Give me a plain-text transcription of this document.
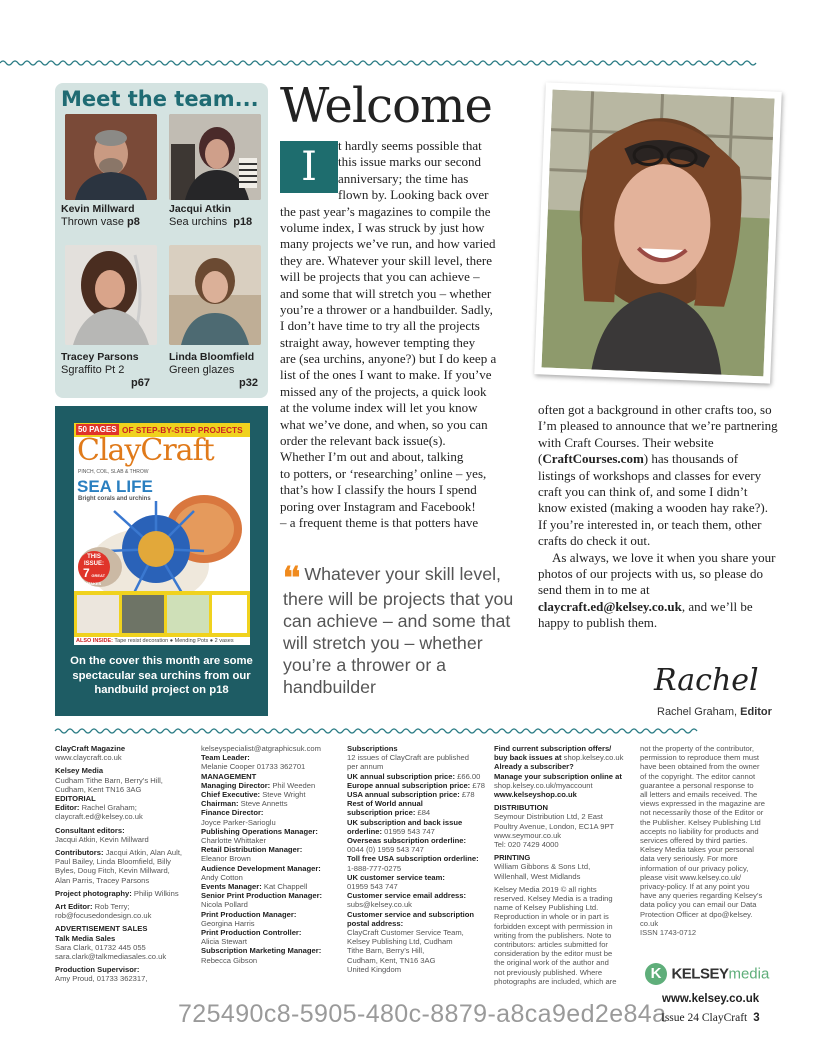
Meet the team...
Kevin Millward
Thrown vase p8
Jacqui Atkin
Sea urchins p18
Tracey Parsons
Sgraffito Pt 2
p67
Linda Bloomfield
Green glazes
p32
50 PAGES OF STEP-BY-STEP PROJECTS
ClayCraft
PINCH, COIL, SLAB & THROW
SEA LIFE
Bright corals and urchins
THIS ISSUE:
7 GREAT MAKES
ALSO INSIDE: Tape resist decoration ● Mending Pots ● 2 vases
On the cover this month are some spectacular sea urchins from our handbuild project on p18
Welcome
I	t hardly seems possible that
this issue marks our second
anniversary; the time has
flown by. Looking back over
the past year’s magazines to compile the
volume index, I was struck by just how
many projects we’ve run, and how varied
they are. Whatever your skill level, there
will be projects that you can achieve –
and some that will stretch you – whether
you’re a thrower or a handbuilder. Sadly,
I don’t have time to try all the projects
straight away, however tempting they
are (sea urchins, anyone?) but I do keep a
list of the ones I want to make. If you’ve
missed any of the projects, a quick look
at the volume index will let you know
what we’ve done, and when, so you can
order the relevant back issue(s).
Whether I’m out and about, talking
to potters, or ‘researching’ online – yes,
that’s how I classify the hours I spend
poring over Instagram and Facebook!
– a frequent theme is that potters have

often got a background in other crafts too, so I’m pleased to announce that we’re partnering with Craft Courses. Their website (CraftCourses.com) has thousands of listings of workshops and classes for every craft you can think of, and some I didn’t know existed (making a wooden hay rake?). If you’re interested in, or teach them, other crafts do check it out.

As always, we love it when you share your photos of our projects with us, so please do send them in to me at claycraft.ed@kelsey.co.uk, and we’ll be happy to publish them.

❛❛ Whatever your skill level, there will be projects that you can achieve – and some that will stretch you – whether you’re a thrower or a handbuilder	Rachel
Rachel Graham, Editor
ClayCraft Magazine
www.claycraft.co.uk
Kelsey Media
Cudham Tithe Barn, Berry’s Hill,
Cudham, Kent TN16 3AG
EDITORIAL
Editor: Rachel Graham;
claycraft.ed@kelsey.co.uk
Consultant editors:
Jacqui Atkin, Kevin Millward
Contributors: Jacqui Atkin, Alan Ault,
Paul Bailey, Linda Bloomfield, Billy
Byles, Doug Fitch, Kevin Millward,
Alan Parris, Tracey Parsons
Project photography: Philip Wilkins
Art Editor: Rob Terry;
rob@focusedondesign.co.uk
ADVERTISEMENT SALES
Talk Media Sales
Sara Clark, 01732 445 055
sara.clark@talkmediasales.co.uk
Production Supervisor:
Amy Proud, 01733 362317,
kelseyspecialist@atgraphicsuk.com
Team Leader:
Melanie Cooper 01733 362701
MANAGEMENT
Managing Director: Phil Weeden
Chief Executive: Steve Wright
Chairman: Steve Annetts
Finance Director:
Joyce Parker-Sarioglu
Publishing Operations Manager:
Charlotte Whittaker
Retail Distribution Manager:
Eleanor Brown
Audience Development Manager:
Andy Cotton
Events Manager: Kat Chappell
Senior Print Production Manager:
Nicola Pollard
Print Production Manager:
Georgina Harris
Print Production Controller:
Alicia Stewart
Subscription Marketing Manager:
Rebecca Gibson
Subscriptions
12 issues of ClayCraft are published
per annum
UK annual subscription price: £66.00
Europe annual subscription price: £78
USA annual subscription price: £78
Rest of World annual
subscription price: £84
UK subscription and back issue
orderline: 01959 543 747
Overseas subscription orderline:
0044 (0) 1959 543 747
Toll free USA subscription orderline:
1-888-777-0275
UK customer service team:
01959 543 747
Customer service email address:
subs@kelsey.co.uk
Customer service and subscription
postal address:
ClayCraft Customer Service Team,
Kelsey Publishing Ltd, Cudham
Tithe Barn, Berry’s Hill,
Cudham, Kent, TN16 3AG
United Kingdom
Find current subscription offers/
buy back issues at shop.kelsey.co.uk
Already a subscriber?
Manage your subscription online at
shop.kelsey.co.uk/myaccount
www.kelseyshop.co.uk
DISTRIBUTION
Seymour Distribution Ltd, 2 East
Poultry Avenue, London, EC1A 9PT
www.seymour.co.uk
Tel: 020 7429 4000
PRINTING
William Gibbons & Sons Ltd,
Willenhall, West Midlands
Kelsey Media 2019 © all rights
reserved. Kelsey Media is a trading
name of Kelsey Publishing Ltd.
Reproduction in whole or in part is
forbidden except with permission in
writing from the publishers. Note to
contributors: articles submitted for
consideration by the editor must be
the original work of the author and
not previously published. Where
photographs are included, which are
not the property of the contributor,
permission to reproduce them must
have been obtained from the owner
of the copyright. The editor cannot
guarantee a personal response to
all letters and emails received. The
views expressed in the magazine are
not necessarily those of the Editor or
the Publisher. Kelsey Publishing Ltd
accepts no liability for products and
services offered by third parties.
Kelsey Media takes your personal
data very seriously. For more
information of our privacy policy,
please visit www.kelsey.co.uk/
privacy-policy. If at any point you
have any queries regarding Kelsey’s
data policy you can email our Data
Protection Officer at dpo@kelsey.
co.uk
ISSN 1743-0712
K KELSEYmedia
www.kelsey.co.uk
725490c8-5905-480c-8879-a8ca9ed2e84a
Issue 24 ClayCraft 3
